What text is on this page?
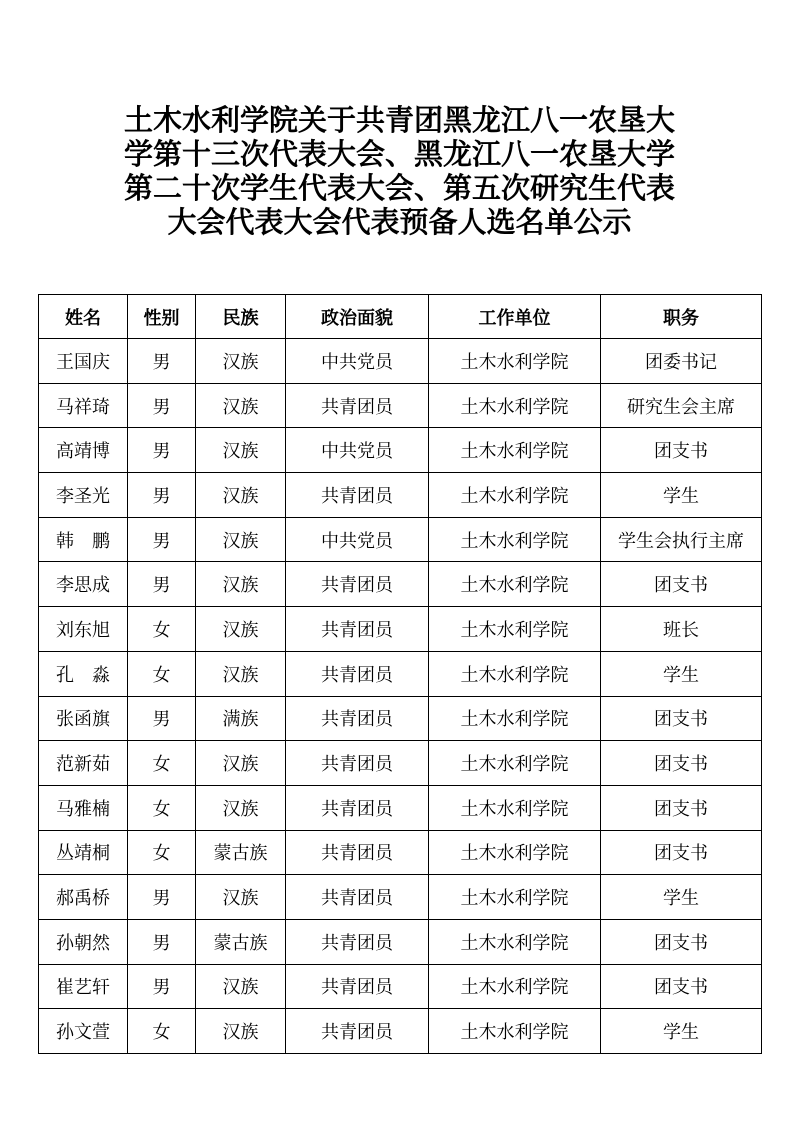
土木水利学院关于共青团黑龙江八一农垦大
学第十三次代表大会、黑龙江八一农垦大学
第二十次学生代表大会、第五次研究生代表
大会代表大会代表预备人选名单公示
姓名	性别	民族	政治面貌	工作单位	职务
王国庆	男	汉族	中共党员	土木水利学院	团委书记
马祥琦	男	汉族	共青团员	土木水利学院	研究生会主席
高靖博	男	汉族	中共党员	土木水利学院	团支书
李圣光	男	汉族	共青团员	土木水利学院	学生
韩　鹏	男	汉族	中共党员	土木水利学院	学生会执行主席
李思成	男	汉族	共青团员	土木水利学院	团支书
刘东旭	女	汉族	共青团员	土木水利学院	班长
孔　淼	女	汉族	共青团员	土木水利学院	学生
张函旗	男	满族	共青团员	土木水利学院	团支书
范新茹	女	汉族	共青团员	土木水利学院	团支书
马雅楠	女	汉族	共青团员	土木水利学院	团支书
丛靖桐	女	蒙古族	共青团员	土木水利学院	团支书
郝禹桥	男	汉族	共青团员	土木水利学院	学生
孙朝然	男	蒙古族	共青团员	土木水利学院	团支书
崔艺轩	男	汉族	共青团员	土木水利学院	团支书
孙文萱	女	汉族	共青团员	土木水利学院	学生
